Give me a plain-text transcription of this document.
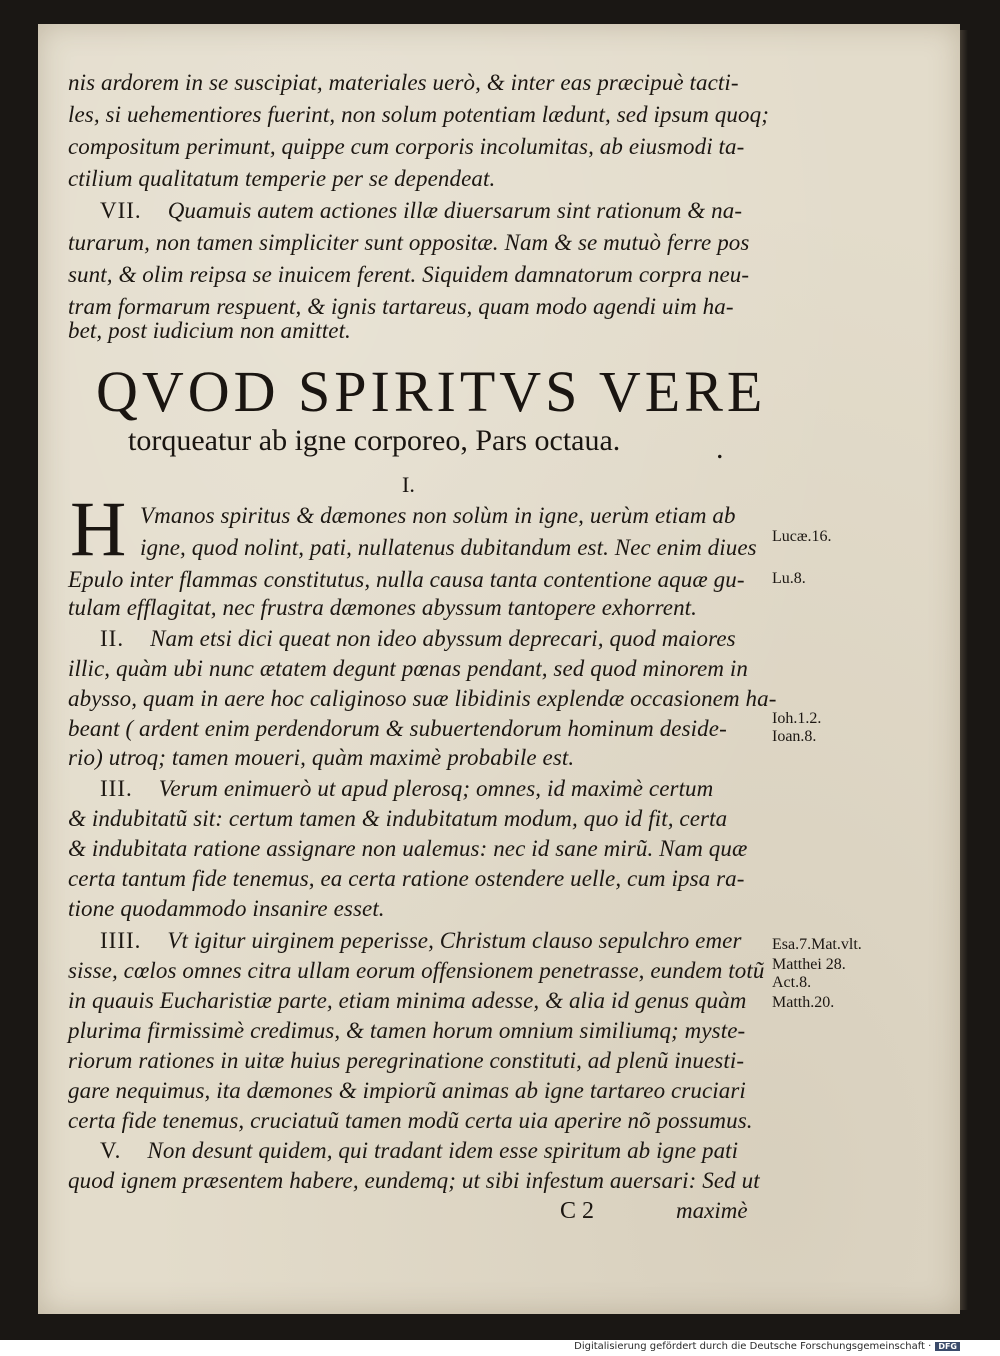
nis ardorem in se suscipiat, materiales uerò, & inter eas præcipuè tacti-
les, si uehementiores fuerint, non solum potentiam lædunt, sed ipsum quoq;
compositum perimunt, quippe cum corporis incolumitas, ab eiusmodi ta-
ctilium qualitatum temperie per se dependeat.
VII. Quamuis autem actiones illæ diuersarum sint rationum & na-
turarum, non tamen simpliciter sunt oppositæ. Nam & se mutuò ferre pos
sunt, & olim reipsa se inuicem ferent. Siquidem damnatorum corpra neu-
tram formarum respuent, & ignis tartareus, quam modo agendi uim ha-
bet, post iudicium non amittet.
QVOD SPIRITVS VERE
torqueatur ab igne corporeo, Pars octaua.	.
I.
H Vmanos spiritus & dæmones non solùm in igne, uerùm etiam ab
igne, quod nolint, pati, nullatenus dubitandum est. Nec enim diues
Epulo inter flammas constitutus, nulla causa tanta contentione aquæ gu-
tulam efflagitat, nec frustra dæmones abyssum tantopere exhorrent.
II. Nam etsi dici queat non ideo abyssum deprecari, quod maiores
illic, quàm ubi nunc ætatem degunt pœnas pendant, sed quod minorem in
abysso, quam in aere hoc caliginoso suæ libidinis explendæ occasionem ha-
beant ( ardent enim perdendorum & subuertendorum hominum deside-
rio) utroq; tamen moueri, quàm maximè probabile est.
III. Verum enimuerò ut apud plerosq; omnes, id maximè certum
& indubitatũ sit: certum tamen & indubitatum modum, quo id fit, certa
& indubitata ratione assignare non ualemus: nec id sane mirũ. Nam quæ
certa tantum fide tenemus, ea certa ratione ostendere uelle, cum ipsa ra-
tione quodammodo insanire esset.
IIII. Vt igitur uirginem peperisse, Christum clauso sepulchro emer
sisse, cœlos omnes citra ullam eorum offensionem penetrasse, eundem totũ
in quauis Eucharistiæ parte, etiam minima adesse, & alia id genus quàm
plurima firmissimè credimus, & tamen horum omnium similiumq; myste-
riorum rationes in uitæ huius peregrinatione constituti, ad plenũ inuesti-
gare nequimus, ita dæmones & impiorũ animas ab igne tartareo cruciari
certa fide tenemus, cruciatuũ tamen modũ certa uia aperire nõ possumus.
V. Non desunt quidem, qui tradant idem esse spiritum ab igne pati
quod ignem præsentem habere, eundemq; ut sibi infestum auersari: Sed ut
C 2	maximè
Lucæ.16.
Lu.8.
Ioh.1.2.
Ioan.8.
Esa.7.Mat.vlt.
Matthei 28.
Act.8.
Matth.20.
Digitalisierung gefördert durch die Deutsche Forschungsgemeinschaft · DFG
